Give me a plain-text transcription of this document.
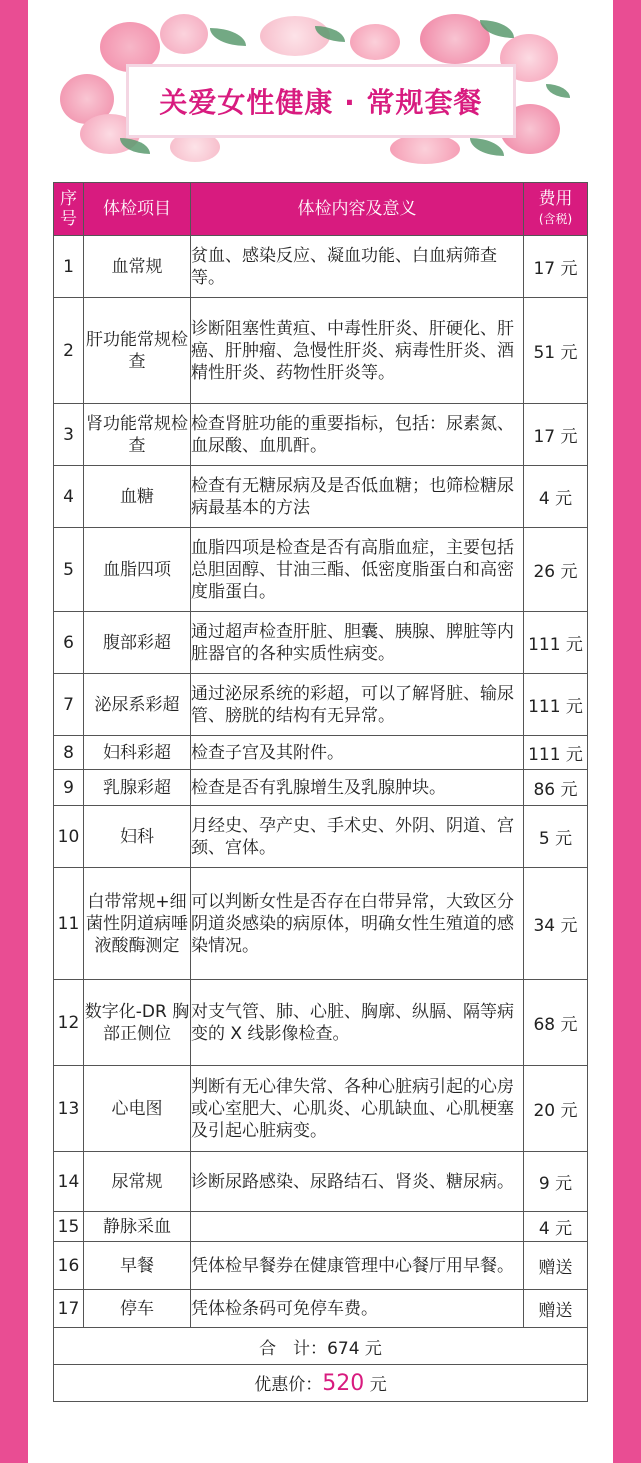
关爱女性健康 · 常规套餐
序号	体检项目	体检内容及意义	费用
(含税)

1	血常规	贫血、感染反应、凝血功能、白血病筛查等。	17 元
2	肝功能常规检查	诊断阻塞性黄疸、中毒性肝炎、肝硬化、肝癌、肝肿瘤、急慢性肝炎、病毒性肝炎、酒精性肝炎、药物性肝炎等。	51 元
3	肾功能常规检查	检查肾脏功能的重要指标，包括：尿素氮、血尿酸、血肌酐。	17 元
4	血糖	检查有无糖尿病及是否低血糖；也筛检糖尿病最基本的方法	4 元
5	血脂四项	血脂四项是检查是否有高脂血症，主要包括总胆固醇、甘油三酯、低密度脂蛋白和高密度脂蛋白。	26 元
6	腹部彩超	通过超声检查肝脏、胆囊、胰腺、脾脏等内脏器官的各种实质性病变。	111 元
7	泌尿系彩超	通过泌尿系统的彩超，可以了解肾脏、输尿管、膀胱的结构有无异常。	111 元
8	妇科彩超	检查子宫及其附件。	111 元
9	乳腺彩超	检查是否有乳腺增生及乳腺肿块。	86 元
10	妇科	月经史、孕产史、手术史、外阴、阴道、宫颈、宫体。	5 元
11	白带常规+细菌性阴道病唾液酸酶测定	可以判断女性是否存在白带异常，大致区分阴道炎感染的病原体，明确女性生殖道的感染情况。	34 元
12	数字化-DR 胸部正侧位	对支气管、肺、心脏、胸廓、纵膈、隔等病变的 X 线影像检查。	68 元
13	心电图	判断有无心律失常、各种心脏病引起的心房或心室肥大、心肌炎、心肌缺血、心肌梗塞及引起心脏病变。	20 元
14	尿常规	诊断尿路感染、尿路结石、肾炎、糖尿病。	9 元
15	静脉采血		4 元
16	早餐	凭体检早餐券在健康管理中心餐厅用早餐。	赠送
17	停车	凭体检条码可免停车费。	赠送
合　计：674 元			
优惠价：520 元			
